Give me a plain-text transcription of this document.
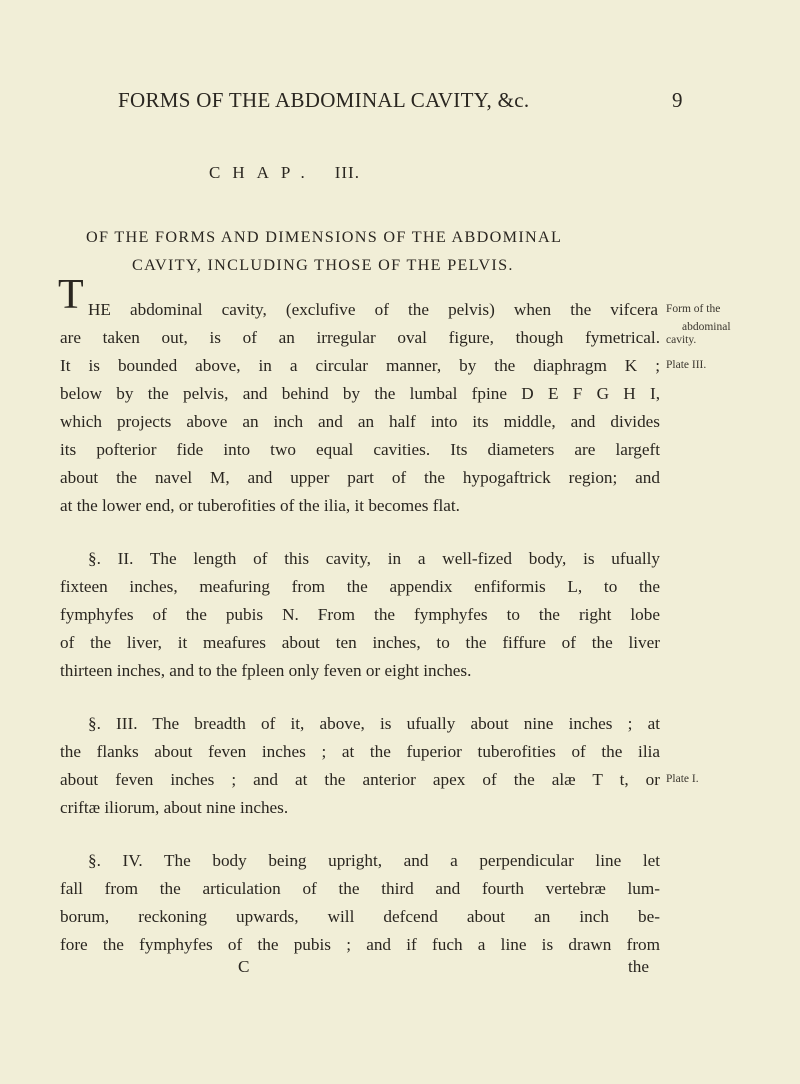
FORMS OF THE ABDOMINAL CAVITY, &c.	9
CHAP. III.
OF THE FORMS AND DIMENSIONS OF THE ABDOMINAL
CAVITY, INCLUDING THOSE OF THE PELVIS.
T HE abdominal cavity, (exclufive of the pelvis) when the vifcera
are taken out, is of an irregular oval figure, though fymetrical.
It is bounded above, in a circular manner, by the diaphragm K ;
below by the pelvis, and behind by the lumbal fpine D E F G H I,
which projects above an inch and an half into its middle, and divides
its pofterior fide into two equal cavities. Its diameters are largeft
about the navel M, and upper part of the hypogaftrick region; and
at the lower end, or tuberofities of the ilia, it becomes flat.
§. II. The length of this cavity, in a well-fized body, is ufually
fixteen inches, meafuring from the appendix enfiformis L, to the
fymphyfes of the pubis N. From the fymphyfes to the right lobe
of the liver, it meafures about ten inches, to the fiffure of the liver
thirteen inches, and to the fpleen only feven or eight inches.
§. III. The breadth of it, above, is ufually about nine inches ; at
the flanks about feven inches ; at the fuperior tuberofities of the ilia
about feven inches ; and at the anterior apex of the alæ T t, or
criftæ iliorum, about nine inches.
§. IV. The body being upright, and a perpendicular line let
fall from the articulation of the third and fourth vertebræ lum-
borum, reckoning upwards, will defcend about an inch be-
fore the fymphyfes of the pubis ; and if fuch a line is drawn from
C	the
Form of the
abdominal
cavity.
Plate III.
Plate I.
